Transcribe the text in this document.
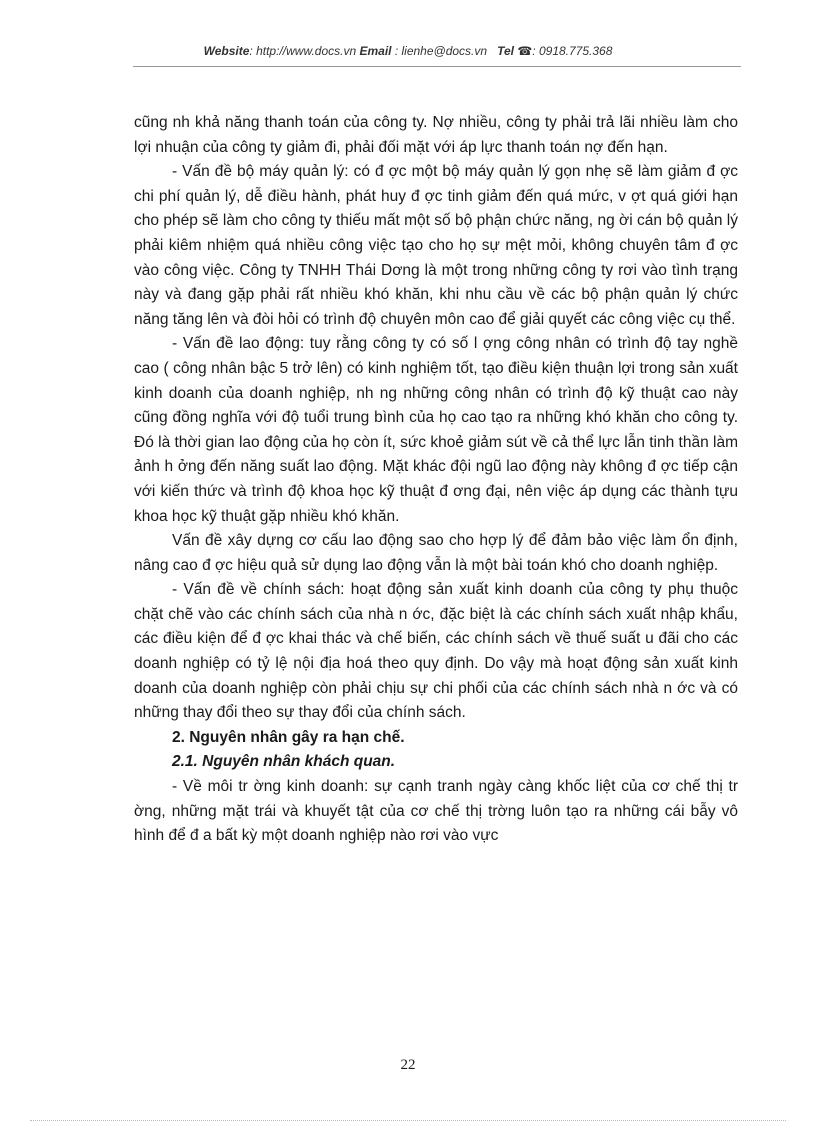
Website: http://www.docs.vn Email : lienhe@docs.vn Tel ☎: 0918.775.368

cũng nh khả năng thanh toán của công ty. Nợ nhiều, công ty phải trả lãi nhiều làm cho lợi nhuận của công ty giảm đi, phải đối mặt với áp lực thanh toán nợ đến hạn.

- Vấn đề bộ máy quản lý: có đ ợc một bộ máy quản lý gọn nhẹ sẽ làm giảm đ ợc chi phí quản lý, dễ điều hành, phát huy đ ợc tinh giảm đến quá mức, v ợt quá giới hạn cho phép sẽ làm cho công ty thiếu mất một số bộ phận chức năng, ng ời cán bộ quản lý phải kiêm nhiệm quá nhiều công việc tạo cho họ sự mệt mỏi, không chuyên tâm đ ợc vào công việc. Công ty TNHH Thái Dơng là một trong những công ty rơi vào tình trạng này và đang gặp phải rất nhiều khó khăn, khi nhu cầu về các bộ phận quản lý chức năng tăng lên và đòi hỏi có trình độ chuyên môn cao để giải quyết các công việc cụ thể.

- Vấn đề lao động: tuy rằng công ty có số l ợng công nhân có trình độ tay nghề cao ( công nhân bậc 5 trở lên) có kinh nghiệm tốt, tạo điều kiện thuận lợi trong sản xuất kinh doanh của doanh nghiệp, nh ng những công nhân có trình độ kỹ thuật cao này cũng đồng nghĩa với độ tuổi trung bình của họ cao tạo ra những khó khăn cho công ty. Đó là thời gian lao động của họ còn ít, sức khoẻ giảm sút về cả thể lực lẫn tinh thần làm ảnh h ởng đến năng suất lao động. Mặt khác đội ngũ lao động này không đ ợc tiếp cận với kiến thức và trình độ khoa học kỹ thuật đ ơng đại, nên việc áp dụng các thành tựu khoa học kỹ thuật gặp nhiều khó khăn.

Vấn đề xây dựng cơ cấu lao động sao cho hợp lý để đảm bảo việc làm ổn định, nâng cao đ ợc hiệu quả sử dụng lao động vẫn là một bài toán khó cho doanh nghiệp.

- Vấn đề về chính sách: hoạt động sản xuất kinh doanh của công ty phụ thuộc chặt chẽ vào các chính sách của nhà n ớc, đặc biệt là các chính sách xuất nhập khẩu, các điều kiện để đ ợc khai thác và chế biến, các chính sách về thuế suất u đãi cho các doanh nghiệp có tỷ lệ nội địa hoá theo quy định. Do vậy mà hoạt động sản xuất kinh doanh của doanh nghiệp còn phải chịu sự chi phối của các chính sách nhà n ớc và có những thay đổi theo sự thay đổi của chính sách.

2. Nguyên nhân gây ra hạn chế.

2.1. Nguyên nhân khách quan.

- Về môi tr ờng kinh doanh: sự cạnh tranh ngày càng khốc liệt của cơ chế thị tr ờng, những mặt trái và khuyết tật của cơ chế thị trờng luôn tạo ra những cái bẫy vô hình để đ a bất kỳ một doanh nghiệp nào rơi vào vực

22
